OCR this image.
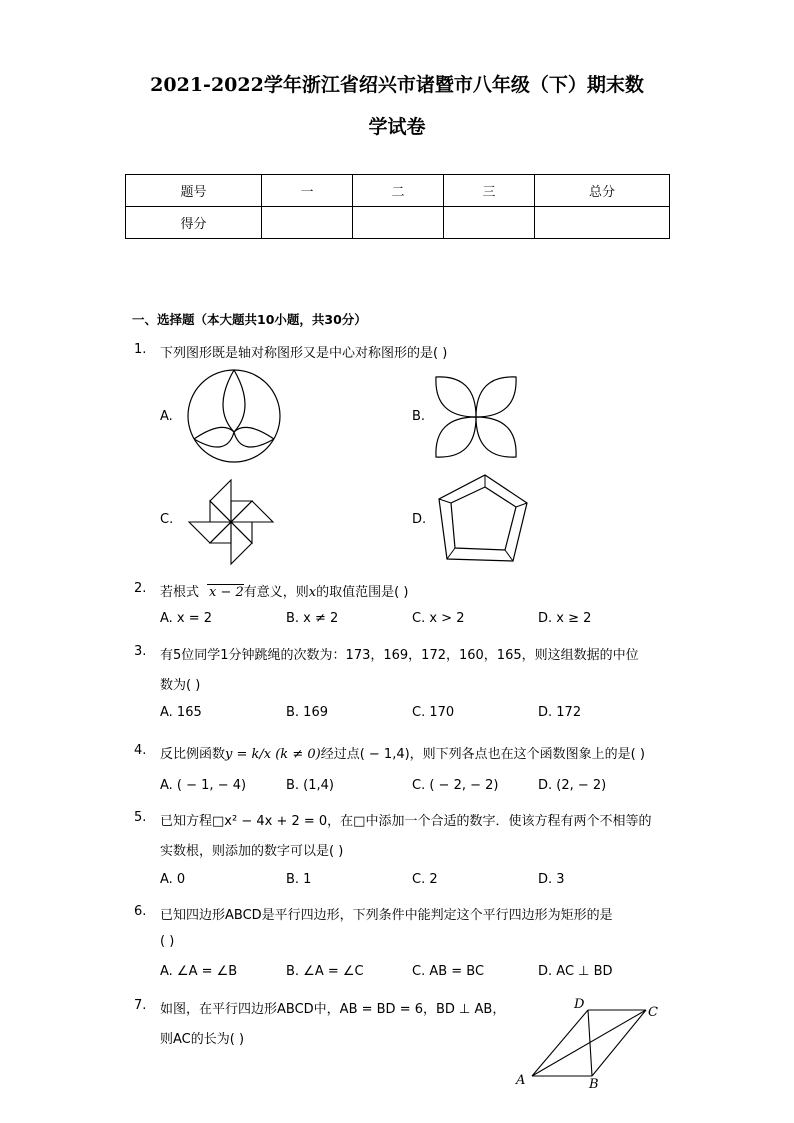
2021-2022学年浙江省绍兴市诸暨市八年级（下）期末数
学试卷
题号	一	二	三	总分
得分				
一、选择题（本大题共10小题，共30分）
1. 下列图形既是轴对称图形又是中心对称图形的是( )
A.	B.
C.	D.
2. 若根式 x − 2有意义，则x的取值范围是( )
A. x = 2	B. x ≠ 2	C. x > 2	D. x ≥ 2
3. 有5位同学1分钟跳绳的次数为：173，169，172，160，165，则这组数据的中位
数为( )
A. 165	B. 169	C. 170	D. 172
4. 反比例函数y = k/x (k ≠ 0)经过点( − 1,4)，则下列各点也在这个函数图象上的是( )
A. ( − 1, − 4)	B. (1,4)	C. ( − 2, − 2)	D. (2, − 2)
5. 已知方程□x² − 4x + 2 = 0，在□中添加一个合适的数字．使该方程有两个不相等的
实数根，则添加的数字可以是( )
A. 0	B. 1	C. 2	D. 3
6. 已知四边形ABCD是平行四边形，下列条件中能判定这个平行四边形为矩形的是
( )
A. ∠A = ∠B	B. ∠A = ∠C	C. AB = BC	D. AC ⊥ BD
7. 如图，在平行四边形ABCD中，AB = BD = 6，BD ⊥ AB，
则AC的长为( )
D
C
A	B
